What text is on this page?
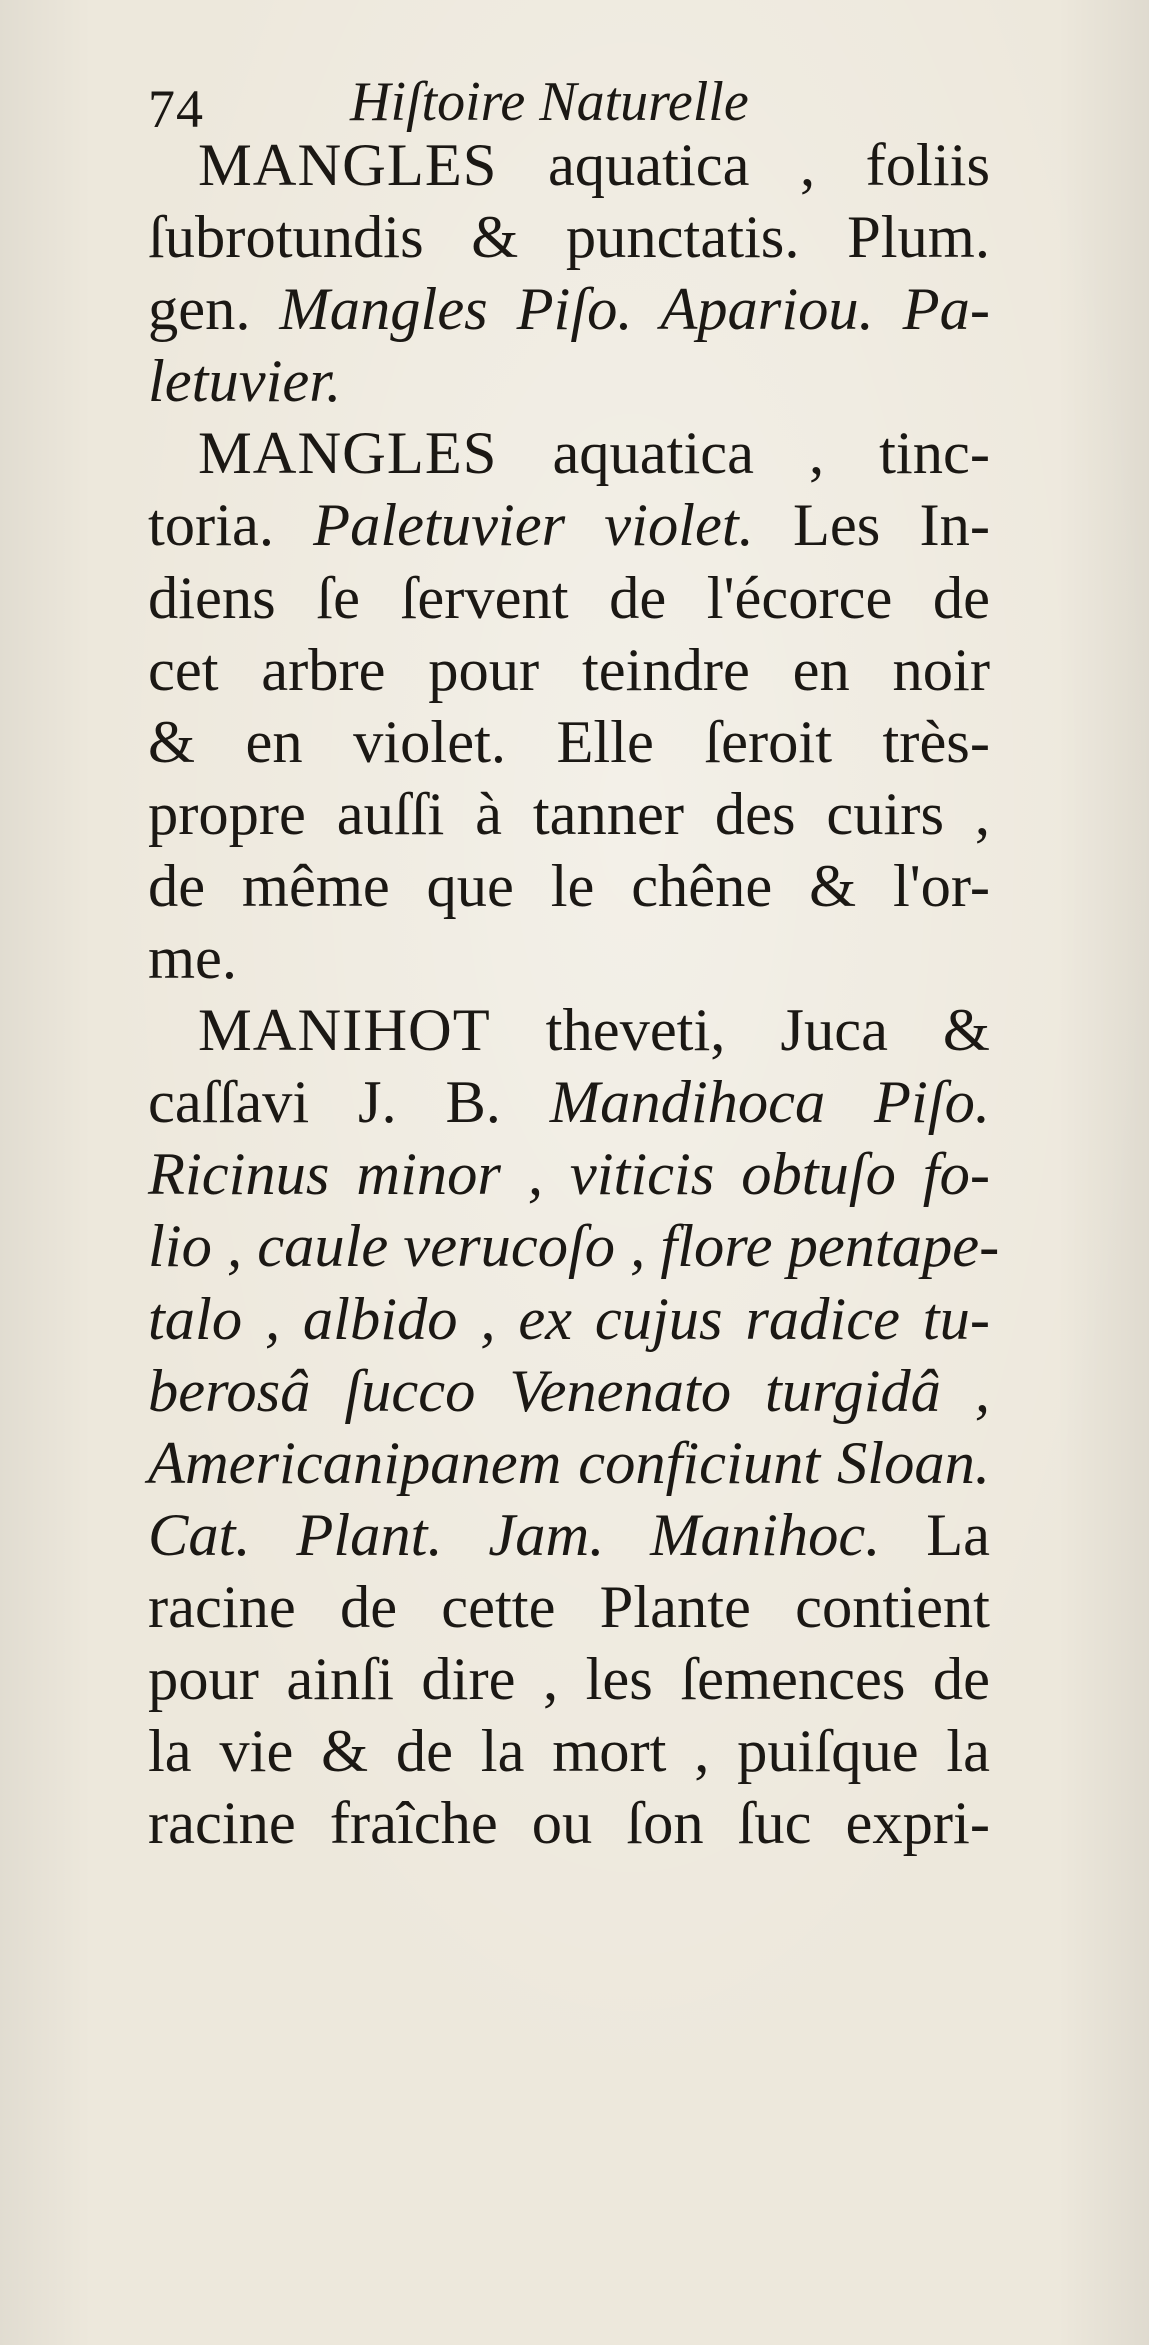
74	Hiſtoire Naturelle
MANGLES aquatica , foliis
ſubrotundis & punctatis. Plum.
gen. Mangles Piſo. Apariou. Pa-
letuvier.
MANGLES aquatica , tinc-
toria. Paletuvier violet. Les In-
diens ſe ſervent de l'écorce de
cet arbre pour teindre en noir
& en violet. Elle ſeroit très-
propre auſſi à tanner des cuirs ,
de même que le chêne & l'or-
me.
MANIHOT theveti, Juca &
caſſavi J. B. Mandihoca Piſo.
Ricinus minor , viticis obtuſo fo-
lio , caule verucoſo , flore pentape-
talo , albido , ex cujus radice tu-
berosâ ſucco Venenato turgidâ ,
Americanipanem conficiunt Sloan.
Cat. Plant. Jam. Manihoc. La
racine de cette Plante contient
pour ainſi dire , les ſemences de
la vie & de la mort , puiſque la
racine fraîche ou ſon ſuc expri-
